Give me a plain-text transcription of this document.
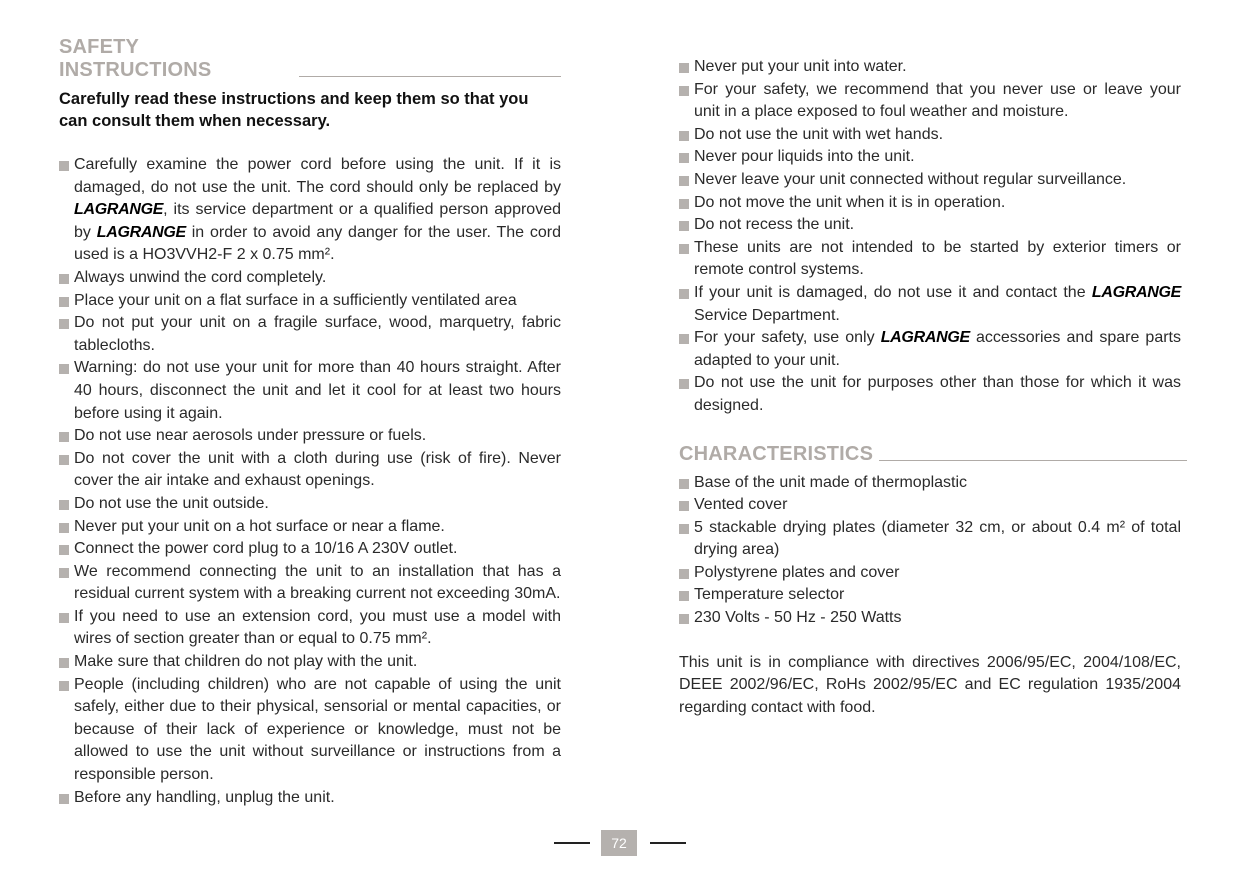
SAFETY INSTRUCTIONS

Carefully read these instructions and keep them so that you can consult them when necessary.

Carefully examine the power cord before using the unit. If it is damaged, do not use the unit. The cord should only be replaced by LAGRANGE, its service department or a qualified person approved by LAGRANGE in order to avoid any danger for the user. The cord used is a HO3VVH2-F 2 x 0.75 mm².
Always unwind the cord completely.
Place your unit on a flat surface in a sufficiently ventilated area
Do not put your unit on a fragile surface, wood, marquetry, fabric tablecloths.
Warning: do not use your unit for more than 40 hours straight. After 40 hours, disconnect the unit and let it cool for at least two hours before using it again.
Do not use near aerosols under pressure or fuels.
Do not cover the unit with a cloth during use (risk of fire). Never cover the air intake and exhaust openings.
Do not use the unit outside.
Never put your unit on a hot surface or near a flame.
Connect the power cord plug to a 10/16 A 230V outlet.
We recommend connecting the unit to an installation that has a residual current system with a breaking current not exceeding 30mA.
If you need to use an extension cord, you must use a model with wires of section greater than or equal to 0.75 mm².
Make sure that children do not play with the unit.
People (including children) who are not capable of using the unit safely, either due to their physical, sensorial or mental capacities, or because of their lack of experience or knowledge, must not be allowed to use the unit without surveillance or instructions from a responsible person.
Before any handling, unplug the unit.
Never put your unit into water.
For your safety, we recommend that you never use or leave your unit in a place exposed to foul weather and moisture.
Do not use the unit with wet hands.
Never pour liquids into the unit.
Never leave your unit connected without regular surveillance.
Do not move the unit when it is in operation.
Do not recess the unit.
These units are not intended to be started by exterior timers or remote control systems.
If your unit is damaged, do not use it and contact the LAGRANGE Service Department.
For your safety, use only LAGRANGE accessories and spare parts adapted to your unit.
Do not use the unit for purposes other than those for which it was designed.
CHARACTERISTICS
Base of the unit made of thermoplastic
Vented cover
5 stackable drying plates (diameter 32 cm, or about 0.4 m² of total drying area)
Polystyrene plates and cover
Temperature selector
230 Volts - 50 Hz - 250 Watts

This unit is in compliance with directives 2006/95/EC, 2004/108/EC, DEEE 2002/96/EC, RoHs 2002/95/EC and EC regulation 1935/2004 regarding contact with food.

72
